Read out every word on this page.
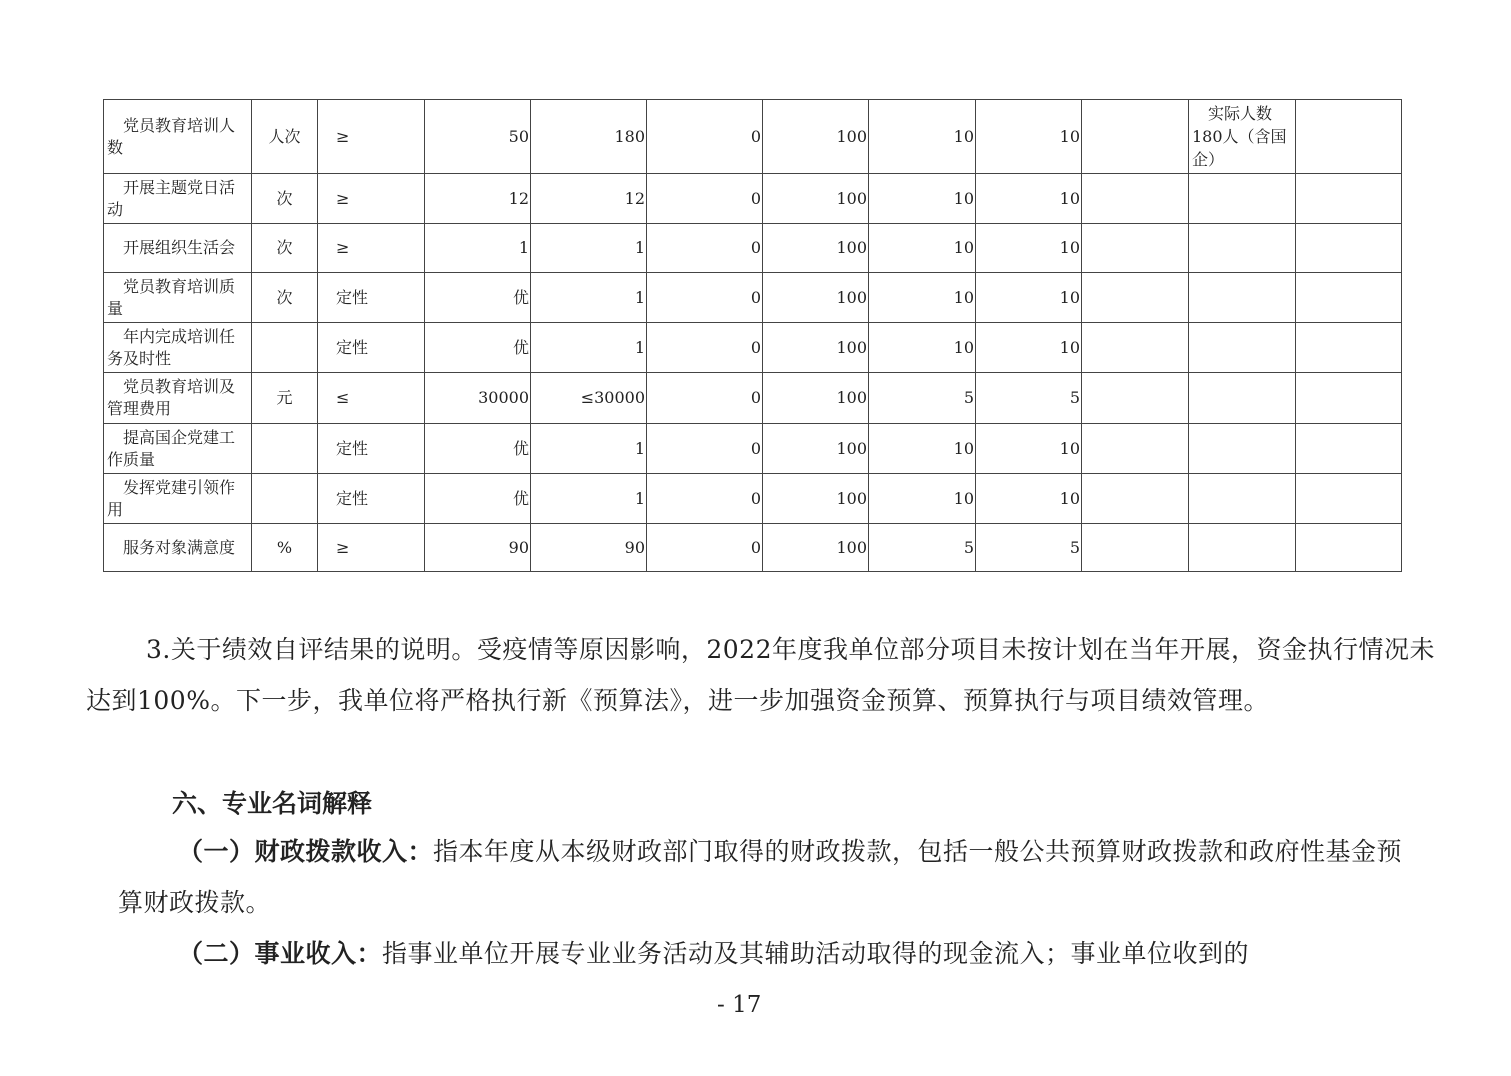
党员教育培训人数	人次	≥	50	180	0	100	10	10		实际人数180人（含国企）	
开展主题党日活动	次	≥	12	12	0	100	10	10			
开展组织生活会	次	≥	1	1	0	100	10	10			
党员教育培训质量	次	定性	优	1	0	100	10	10			
年内完成培训任务及时性		定性	优	1	0	100	10	10			
党员教育培训及管理费用	元	≤	30000	≤30000	0	100	5	5			
提高国企党建工作质量		定性	优	1	0	100	10	10			
发挥党建引领作用		定性	优	1	0	100	10	10			
服务对象满意度	%	≥	90	90	0	100	5	5			

3.关于绩效自评结果的说明。受疫情等原因影响，2022年度我单位部分项目未按计划在当年开展，资金执行情况未达到100%。下一步，我单位将严格执行新《预算法》，进一步加强资金预算、预算执行与项目绩效管理。

六、专业名词解释

（一）财政拨款收入：指本年度从本级财政部门取得的财政拨款，包括一般公共预算财政拨款和政府性基金预算财政拨款。

（二）事业收入：指事业单位开展专业业务活动及其辅助活动取得的现金流入；事业单位收到的

- 17
